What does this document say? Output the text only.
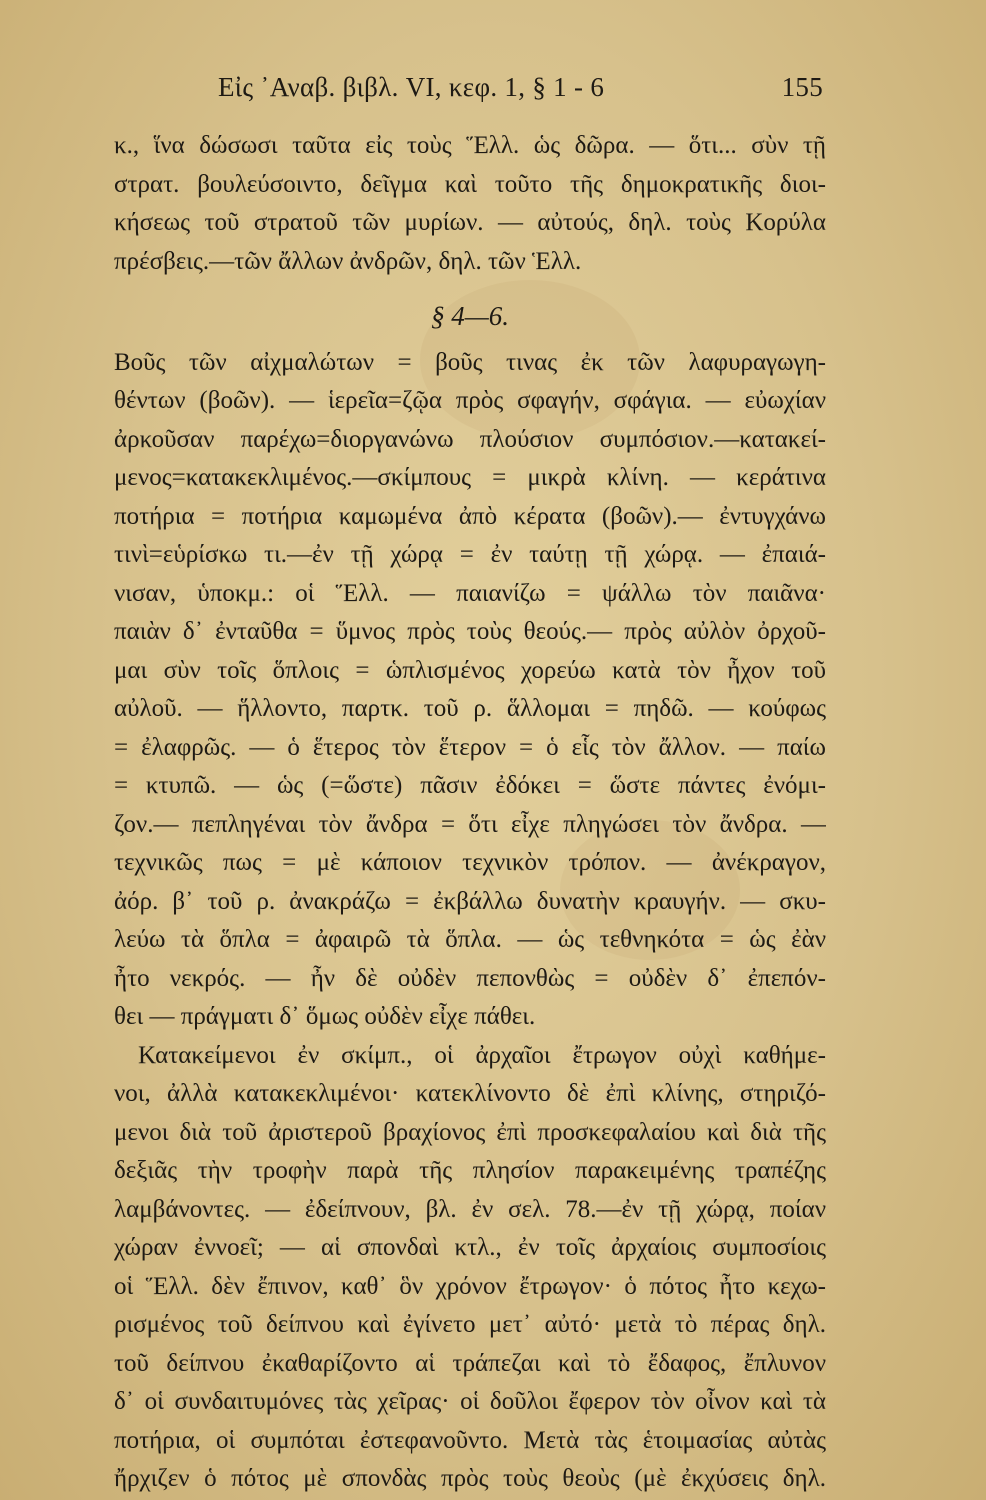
Εἰς ᾿Αναβ. βιβλ. VI, κεφ. 1, § 1 - 6	155
κ., ἵνα δώσωσι ταῦτα εἰς τοὺς Ἕλλ. ὡς δῶρα. — ὅτι... σὺν τῇ
στρατ. βουλεύσοιντο, δεῖγμα καὶ τοῦτο τῆς δημοκρατικῆς διοι-
κήσεως τοῦ στρατοῦ τῶν μυρίων. — αὐτούς, δηλ. τοὺς Κορύλα
πρέσβεις.—τῶν ἄλλων ἀνδρῶν, δηλ. τῶν Ἑλλ.
§ 4—6.
Βοῦς τῶν αἰχμαλώτων = βοῦς τινας ἐκ τῶν λαφυραγωγη-
θέντων (βοῶν). — ἱερεῖα=ζῷα πρὸς σφαγήν, σφάγια. — εὐωχίαν
ἀρκοῦσαν παρέχω=διοργανώνω πλούσιον συμπόσιον.—κατακεί-
μενος=κατακεκλιμένος.—σκίμπους = μικρὰ κλίνη. — κεράτινα
ποτήρια = ποτήρια καμωμένα ἀπὸ κέρατα (βοῶν).— ἐντυγχάνω
τινὶ=εὑρίσκω τι.—ἐν τῇ χώρᾳ = ἐν ταύτῃ τῇ χώρᾳ. — ἐπαιά-
νισαν, ὑποκμ.: οἱ Ἕλλ. — παιανίζω = ψάλλω τὸν παιᾶνα·
παιὰν δ᾿ ἐνταῦθα = ὕμνος πρὸς τοὺς θεούς.— πρὸς αὐλὸν ὀρχοῦ-
μαι σὺν τοῖς ὅπλοις = ὡπλισμένος χορεύω κατὰ τὸν ἦχον τοῦ
αὐλοῦ. — ἥλλοντο, παρτκ. τοῦ ρ. ἅλλομαι = πηδῶ. — κούφως
= ἐλαφρῶς. — ὁ ἕτερος τὸν ἕτερον = ὁ εἷς τὸν ἄλλον. — παίω
= κτυπῶ. — ὡς (=ὥστε) πᾶσιν ἐδόκει = ὥστε πάντες ἐνόμι-
ζον.— πεπληγέναι τὸν ἄνδρα = ὅτι εἶχε πληγώσει τὸν ἄνδρα. —
τεχνικῶς πως = μὲ κάποιον τεχνικὸν τρόπον. — ἀνέκραγον,
ἀόρ. β᾿ τοῦ ρ. ἀνακράζω = ἐκβάλλω δυνατὴν κραυγήν. — σκυ-
λεύω τὰ ὅπλα = ἀφαιρῶ τὰ ὅπλα. — ὡς τεθνηκότα = ὡς ἐὰν
ἦτο νεκρός. — ἦν δὲ οὐδὲν πεπονθὼς = οὐδὲν δ᾿ ἐπεπόν-
θει — πράγματι δ᾿ ὅμως οὐδὲν εἶχε πάθει.
Κατακείμενοι ἐν σκίμπ., οἱ ἀρχαῖοι ἔτρωγον οὐχὶ καθήμε-
νοι, ἀλλὰ κατακεκλιμένοι· κατεκλίνοντο δὲ ἐπὶ κλίνης, στηριζό-
μενοι διὰ τοῦ ἀριστεροῦ βραχίονος ἐπὶ προσκεφαλαίου καὶ διὰ τῆς
δεξιᾶς τὴν τροφὴν παρὰ τῆς πλησίον παρακειμένης τραπέζης
λαμβάνοντες. — ἐδείπνουν, βλ. ἐν σελ. 78.—ἐν τῇ χώρᾳ, ποίαν
χώραν ἐννοεῖ; — αἱ σπονδαὶ κτλ., ἐν τοῖς ἀρχαίοις συμποσίοις
οἱ Ἕλλ. δὲν ἔπινον, καθ᾿ ὃν χρόνον ἔτρωγον· ὁ πότος ἦτο κεχω-
ρισμένος τοῦ δείπνου καὶ ἐγίνετο μετ᾿ αὐτό· μετὰ τὸ πέρας δηλ.
τοῦ δείπνου ἐκαθαρίζοντο αἱ τράπεζαι καὶ τὸ ἔδαφος, ἔπλυνον
δ᾿ οἱ συνδαιτυμόνες τὰς χεῖρας· οἱ δοῦλοι ἔφερον τὸν οἶνον καὶ τὰ
ποτήρια, οἱ συμπόται ἐστεφανοῦντο. Μετὰ τὰς ἑτοιμασίας αὐτὰς
ἤρχιζεν ὁ πότος μὲ σπονδὰς πρὸς τοὺς θεοὺς (μὲ ἐκχύσεις δηλ.
